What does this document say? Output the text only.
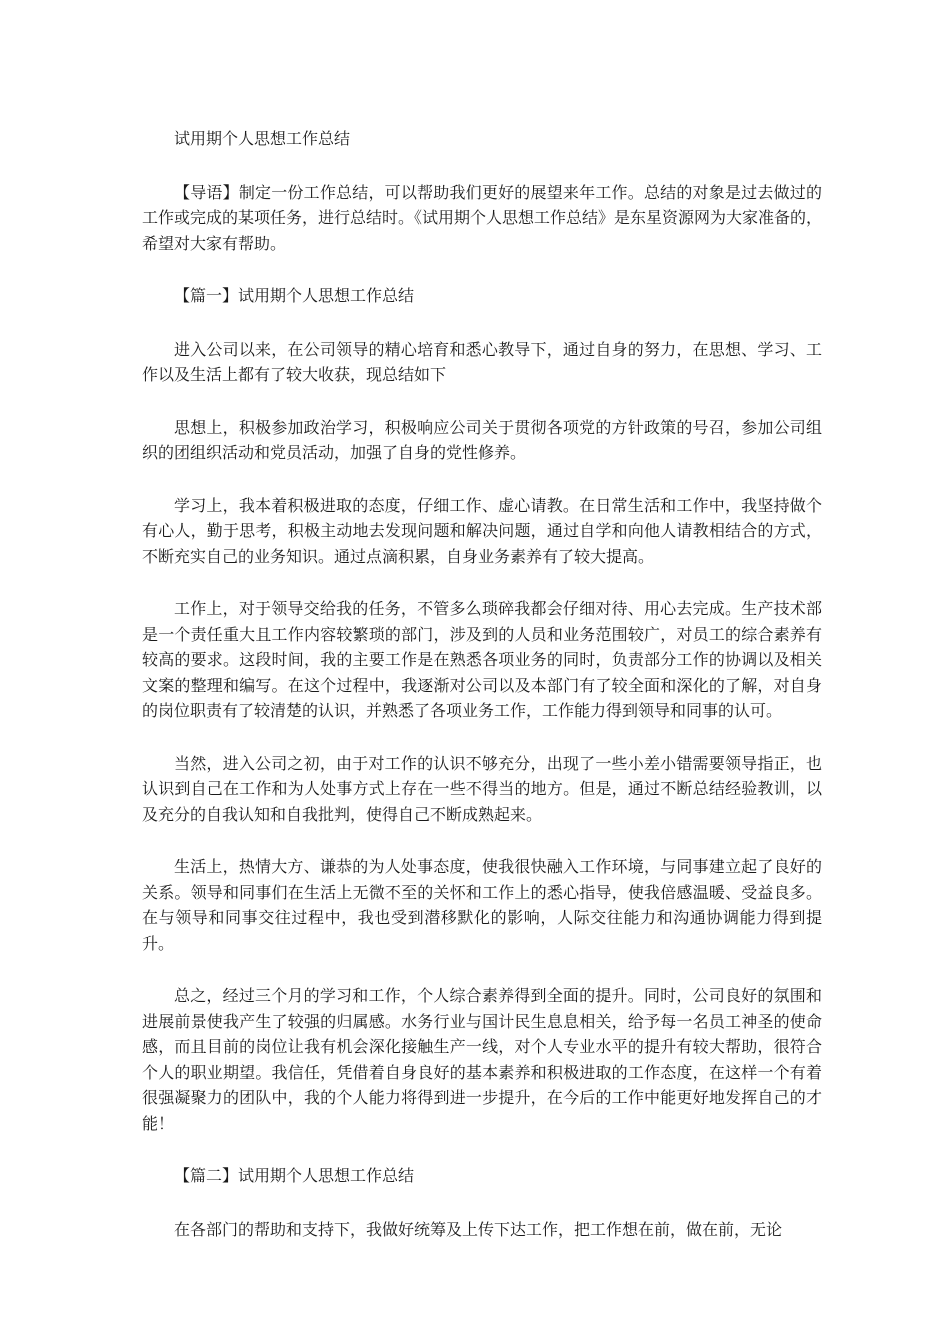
试用期个人思想工作总结

【导语】制定一份工作总结，可以帮助我们更好的展望来年工作。总结的对象是过去做过的工作或完成的某项任务，进行总结时。《试用期个人思想工作总结》是东星资源网为大家准备的，希望对大家有帮助。

【篇一】试用期个人思想工作总结

进入公司以来，在公司领导的精心培育和悉心教导下，通过自身的努力，在思想、学习、工作以及生活上都有了较大收获，现总结如下

思想上，积极参加政治学习，积极响应公司关于贯彻各项党的方针政策的号召，参加公司组织的团组织活动和党员活动，加强了自身的党性修养。

学习上，我本着积极进取的态度，仔细工作、虚心请教。在日常生活和工作中，我坚持做个有心人，勤于思考，积极主动地去发现问题和解决问题，通过自学和向他人请教相结合的方式，不断充实自己的业务知识。通过点滴积累，自身业务素养有了较大提高。

工作上，对于领导交给我的任务，不管多么琐碎我都会仔细对待、用心去完成。生产技术部是一个责任重大且工作内容较繁琐的部门，涉及到的人员和业务范围较广，对员工的综合素养有较高的要求。这段时间，我的主要工作是在熟悉各项业务的同时，负责部分工作的协调以及相关文案的整理和编写。在这个过程中，我逐渐对公司以及本部门有了较全面和深化的了解，对自身的岗位职责有了较清楚的认识，并熟悉了各项业务工作，工作能力得到领导和同事的认可。

当然，进入公司之初，由于对工作的认识不够充分，出现了一些小差小错需要领导指正，也认识到自己在工作和为人处事方式上存在一些不得当的地方。但是，通过不断总结经验教训，以及充分的自我认知和自我批判，使得自己不断成熟起来。

生活上，热情大方、谦恭的为人处事态度，使我很快融入工作环境，与同事建立起了良好的关系。领导和同事们在生活上无微不至的关怀和工作上的悉心指导，使我倍感温暖、受益良多。在与领导和同事交往过程中，我也受到潜移默化的影响，人际交往能力和沟通协调能力得到提升。

总之，经过三个月的学习和工作，个人综合素养得到全面的提升。同时，公司良好的氛围和进展前景使我产生了较强的归属感。水务行业与国计民生息息相关，给予每一名员工神圣的使命感，而且目前的岗位让我有机会深化接触生产一线，对个人专业水平的提升有较大帮助，很符合个人的职业期望。我信任，凭借着自身良好的基本素养和积极进取的工作态度，在这样一个有着很强凝聚力的团队中，我的个人能力将得到进一步提升，在今后的工作中能更好地发挥自己的才能！

【篇二】试用期个人思想工作总结

在各部门的帮助和支持下，我做好统筹及上传下达工作，把工作想在前，做在前，无论
